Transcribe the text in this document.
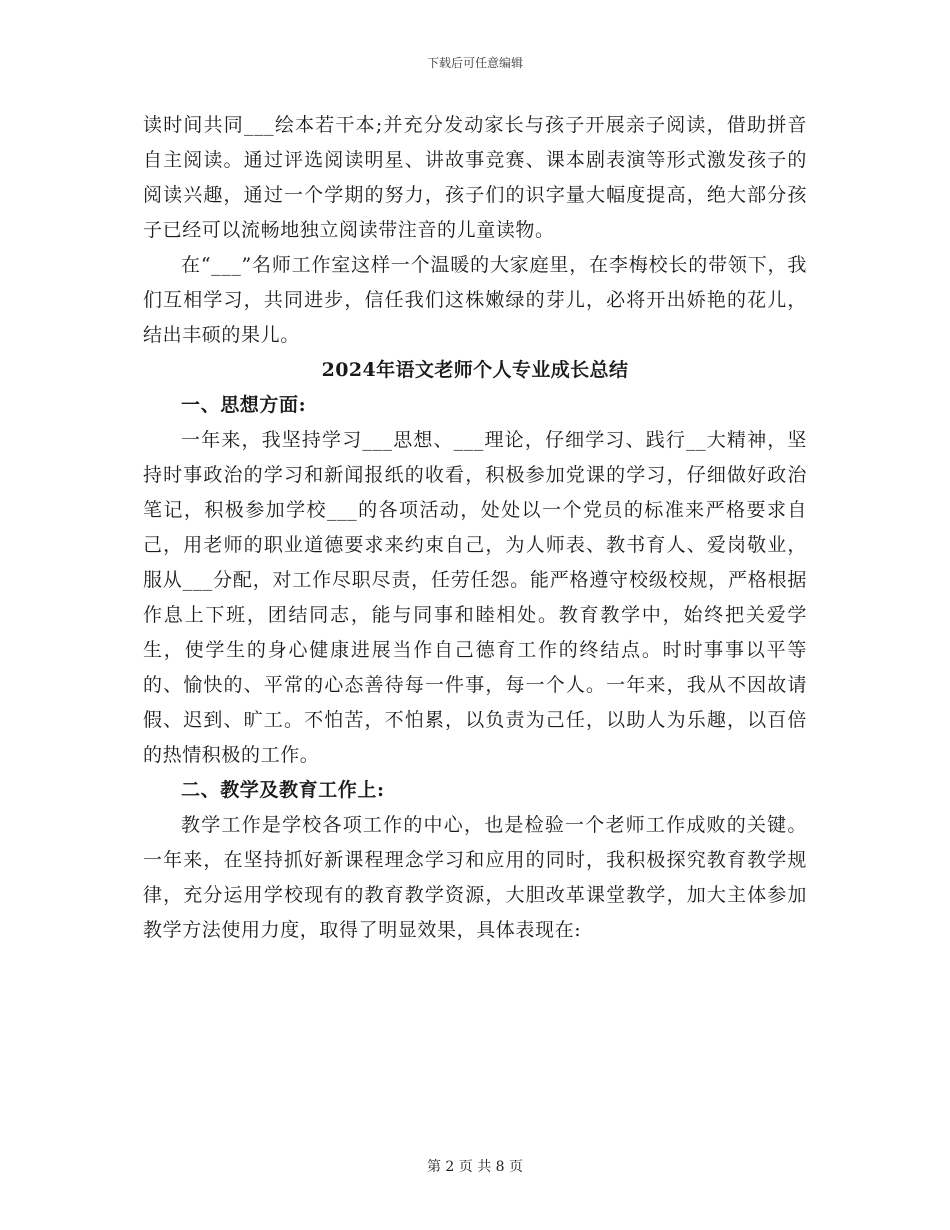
下载后可任意编辑

读时间共同___绘本若干本;并充分发动家长与孩子开展亲子阅读，借助拼音自主阅读。通过评选阅读明星、讲故事竞赛、课本剧表演等形式激发孩子的阅读兴趣，通过一个学期的努力，孩子们的识字量大幅度提高，绝大部分孩子已经可以流畅地独立阅读带注音的儿童读物。

在“___”名师工作室这样一个温暖的大家庭里，在李梅校长的带领下，我们互相学习，共同进步，信任我们这株嫩绿的芽儿，必将开出娇艳的花儿，结出丰硕的果儿。

2024年语文老师个人专业成长总结
一、思想方面:

一年来，我坚持学习___思想、___理论，仔细学习、践行__大精神，坚持时事政治的学习和新闻报纸的收看，积极参加党课的学习，仔细做好政治笔记，积极参加学校___的各项活动，处处以一个党员的标准来严格要求自己，用老师的职业道德要求来约束自己，为人师表、教书育人、爱岗敬业，服从___分配，对工作尽职尽责，任劳任怨。能严格遵守校级校规，严格根据作息上下班，团结同志，能与同事和睦相处。教育教学中，始终把关爱学生，使学生的身心健康进展当作自己德育工作的终结点。时时事事以平等的、愉快的、平常的心态善待每一件事，每一个人。一年来，我从不因故请假、迟到、旷工。不怕苦，不怕累，以负责为己任，以助人为乐趣，以百倍的热情积极的工作。

二、教学及教育工作上:

教学工作是学校各项工作的中心，也是检验一个老师工作成败的关键。一年来，在坚持抓好新课程理念学习和应用的同时，我积极探究教育教学规律，充分运用学校现有的教育教学资源，大胆改革课堂教学，加大主体参加教学方法使用力度，取得了明显效果，具体表现在:

第 2 页 共 8 页
